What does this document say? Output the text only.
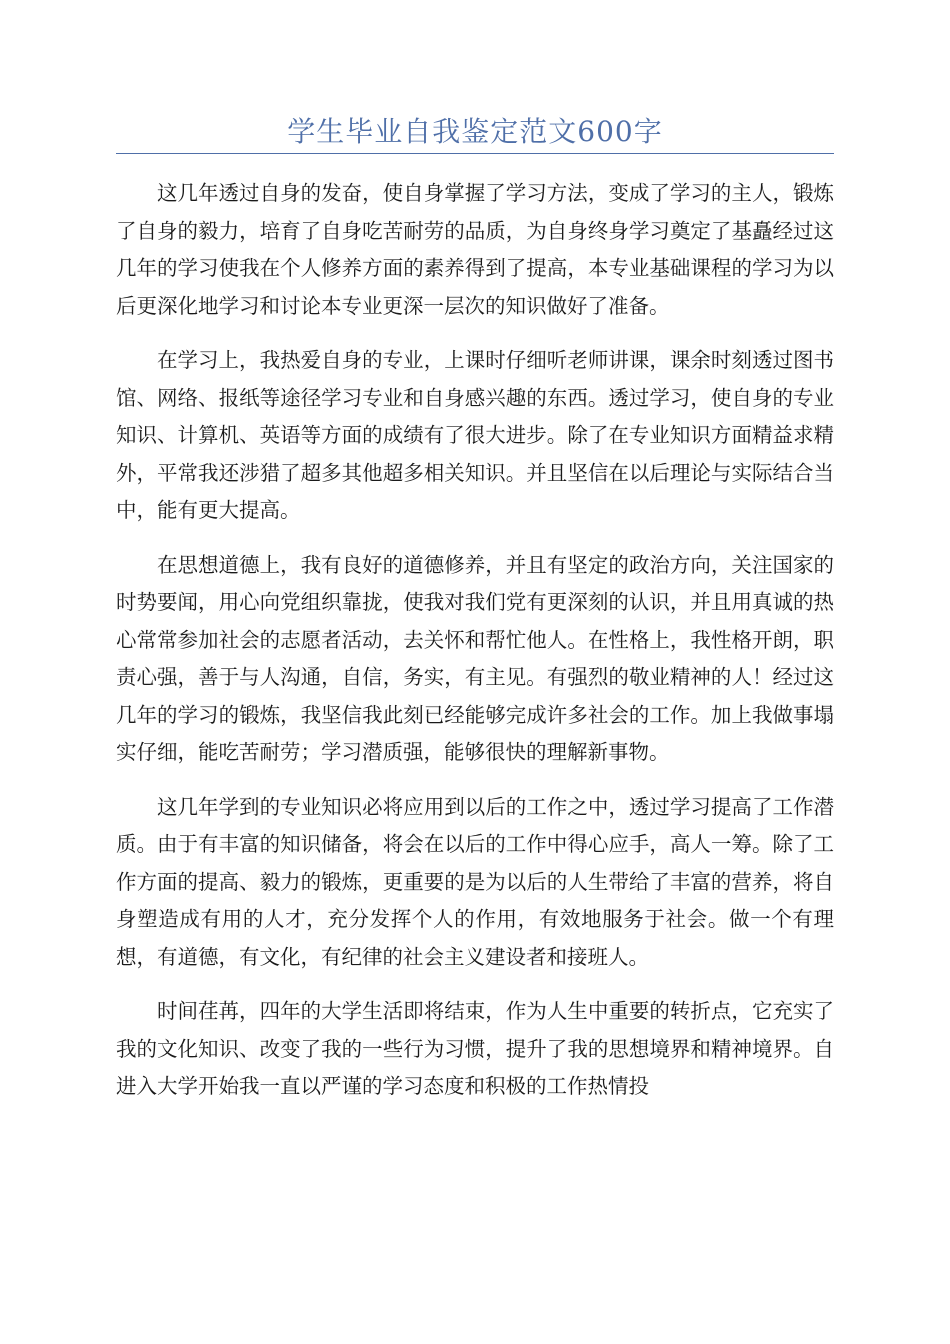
学生毕业自我鉴定范文600字

这几年透过自身的发奋，使自身掌握了学习方法，变成了学习的主人，锻炼了自身的毅力，培育了自身吃苦耐劳的品质，为自身终身学习奠定了基矗经过这几年的学习使我在个人修养方面的素养得到了提高，本专业基础课程的学习为以后更深化地学习和讨论本专业更深一层次的知识做好了准备。

在学习上，我热爱自身的专业，上课时仔细听老师讲课，课余时刻透过图书馆、网络、报纸等途径学习专业和自身感兴趣的东西。透过学习，使自身的专业知识、计算机、英语等方面的成绩有了很大进步。除了在专业知识方面精益求精外，平常我还涉猎了超多其他超多相关知识。并且坚信在以后理论与实际结合当中，能有更大提高。

在思想道德上，我有良好的道德修养，并且有坚定的政治方向，关注国家的时势要闻，用心向党组织靠拢，使我对我们党有更深刻的认识，并且用真诚的热心常常参加社会的志愿者活动，去关怀和帮忙他人。在性格上，我性格开朗，职责心强，善于与人沟通，自信，务实，有主见。有强烈的敬业精神的人！经过这几年的学习的锻炼，我坚信我此刻已经能够完成许多社会的工作。加上我做事塌实仔细，能吃苦耐劳；学习潜质强，能够很快的理解新事物。

这几年学到的专业知识必将应用到以后的工作之中，透过学习提高了工作潜质。由于有丰富的知识储备，将会在以后的工作中得心应手，高人一筹。除了工作方面的提高、毅力的锻炼，更重要的是为以后的人生带给了丰富的营养，将自身塑造成有用的人才，充分发挥个人的作用，有效地服务于社会。做一个有理想，有道德，有文化，有纪律的社会主义建设者和接班人。

时间荏苒，四年的大学生活即将结束，作为人生中重要的转折点，它充实了我的文化知识、改变了我的一些行为习惯，提升了我的思想境界和精神境界。自进入大学开始我一直以严谨的学习态度和积极的工作热情投
